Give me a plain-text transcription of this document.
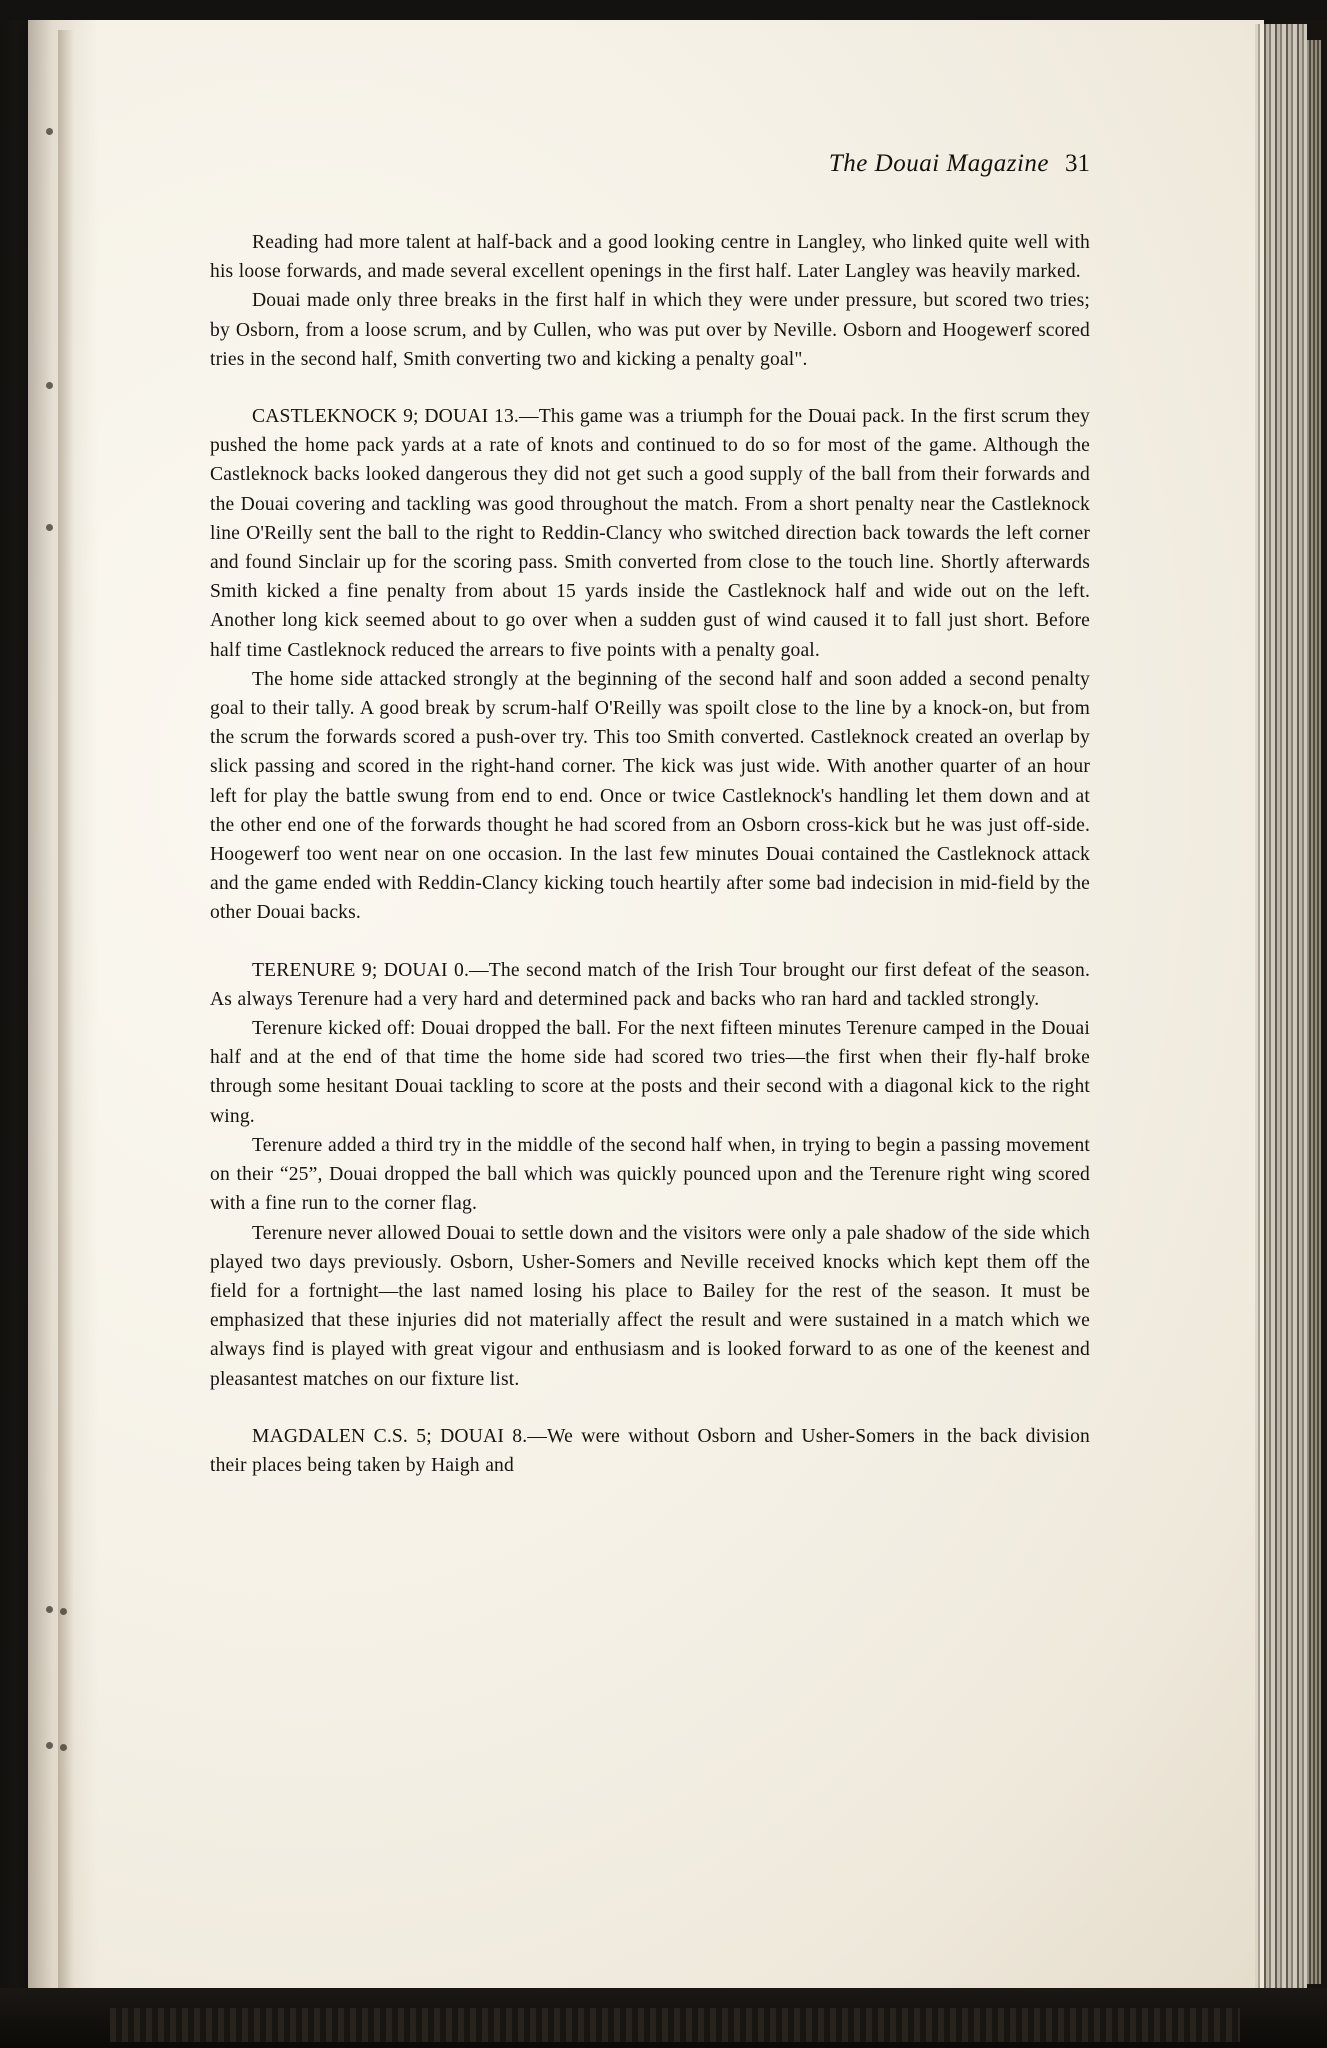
The Douai Magazine 31

Reading had more talent at half-back and a good looking centre in Langley, who linked quite well with his loose forwards, and made several excellent openings in the first half. Later Langley was heavily marked.

Douai made only three breaks in the first half in which they were under pressure, but scored two tries; by Osborn, from a loose scrum, and by Cullen, who was put over by Neville. Osborn and Hoogewerf scored tries in the second half, Smith converting two and kicking a penalty goal".

CASTLEKNOCK 9; DOUAI 13.—This game was a triumph for the Douai pack. In the first scrum they pushed the home pack yards at a rate of knots and continued to do so for most of the game. Although the Castleknock backs looked dangerous they did not get such a good supply of the ball from their forwards and the Douai covering and tackling was good throughout the match. From a short penalty near the Castleknock line O'Reilly sent the ball to the right to Reddin-Clancy who switched direction back towards the left corner and found Sinclair up for the scoring pass. Smith converted from close to the touch line. Shortly afterwards Smith kicked a fine penalty from about 15 yards inside the Castleknock half and wide out on the left. Another long kick seemed about to go over when a sudden gust of wind caused it to fall just short. Before half time Castleknock reduced the arrears to five points with a penalty goal.

The home side attacked strongly at the beginning of the second half and soon added a second penalty goal to their tally. A good break by scrum-half O'Reilly was spoilt close to the line by a knock-on, but from the scrum the forwards scored a push-over try. This too Smith converted. Castleknock created an overlap by slick passing and scored in the right-hand corner. The kick was just wide. With another quarter of an hour left for play the battle swung from end to end. Once or twice Castleknock's handling let them down and at the other end one of the forwards thought he had scored from an Osborn cross-kick but he was just off-side. Hoogewerf too went near on one occasion. In the last few minutes Douai contained the Castleknock attack and the game ended with Reddin-Clancy kicking touch heartily after some bad indecision in mid-field by the other Douai backs.

TERENURE 9; DOUAI 0.—The second match of the Irish Tour brought our first defeat of the season. As always Terenure had a very hard and determined pack and backs who ran hard and tackled strongly.

Terenure kicked off: Douai dropped the ball. For the next fifteen minutes Terenure camped in the Douai half and at the end of that time the home side had scored two tries—the first when their fly-half broke through some hesitant Douai tackling to score at the posts and their second with a diagonal kick to the right wing.

Terenure added a third try in the middle of the second half when, in trying to begin a passing movement on their “25”, Douai dropped the ball which was quickly pounced upon and the Terenure right wing scored with a fine run to the corner flag.

Terenure never allowed Douai to settle down and the visitors were only a pale shadow of the side which played two days previously. Osborn, Usher-Somers and Neville received knocks which kept them off the field for a fortnight—the last named losing his place to Bailey for the rest of the season. It must be emphasized that these injuries did not materially affect the result and were sustained in a match which we always find is played with great vigour and enthusiasm and is looked forward to as one of the keenest and pleasantest matches on our fixture list.

MAGDALEN C.S. 5; DOUAI 8.—We were without Osborn and Usher-Somers in the back division their places being taken by Haigh and
